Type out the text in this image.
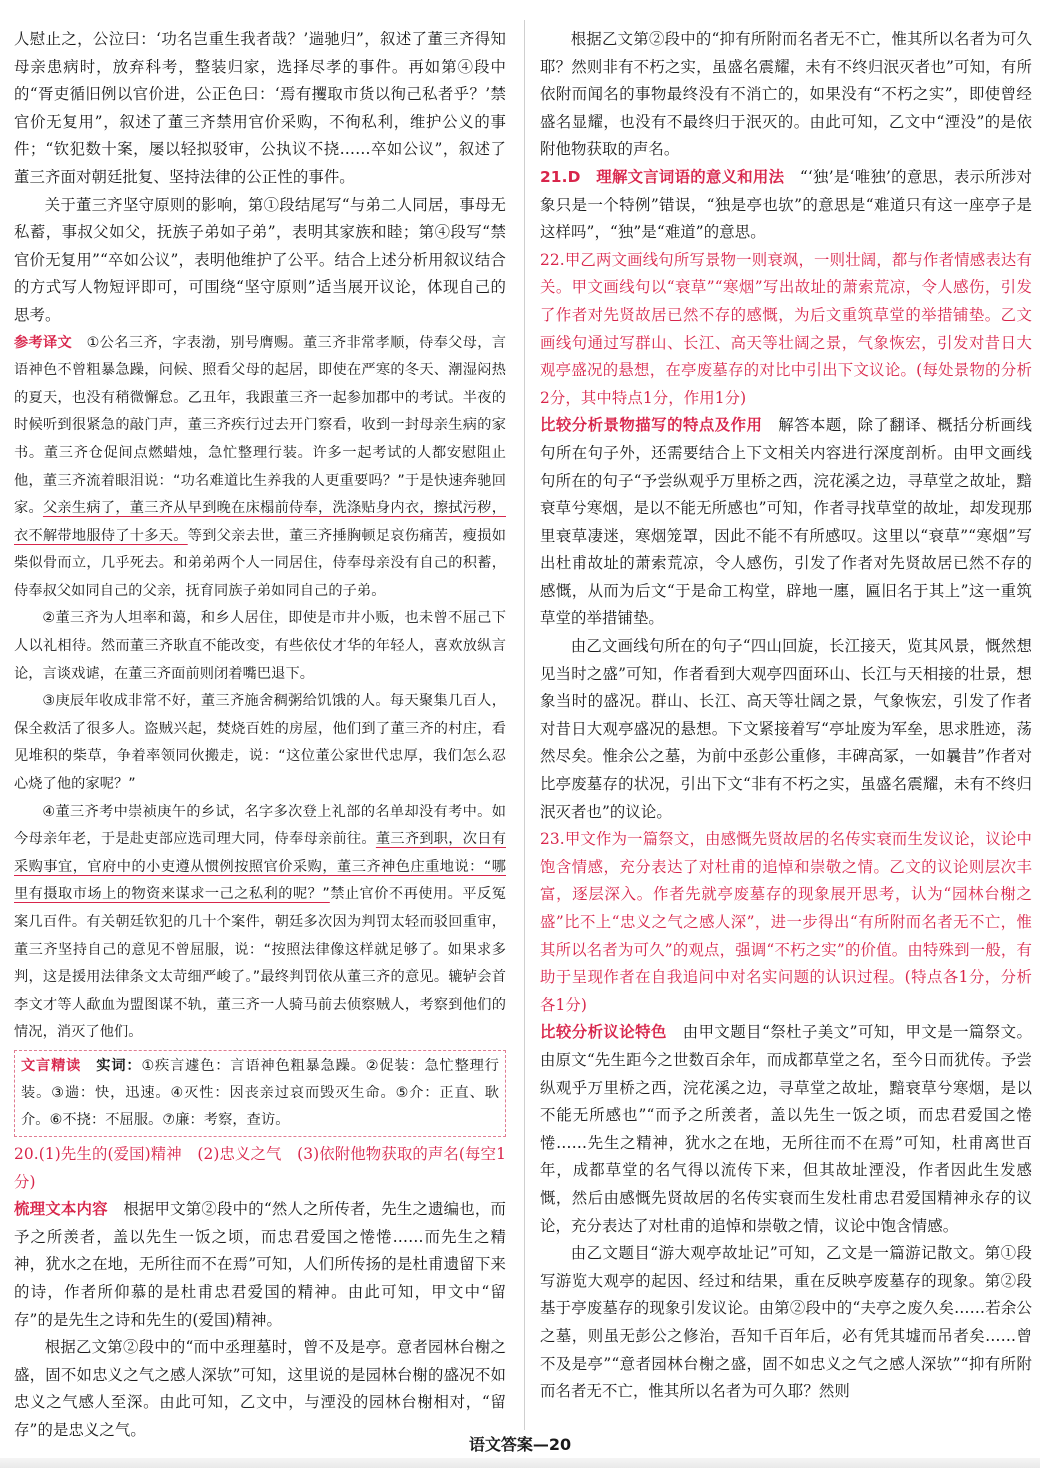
人慰止之，公泣曰：‘功名岂重生我者哉？’遄驰归”，叙述了董三齐得知母亲患病时，放弃科考，整装归家，选择尽孝的事件。再如第④段中的“胥吏循旧例以官价进，公正色曰：‘焉有攫取市货以徇己私者乎？’禁官价无复用”，叙述了董三齐禁用官价采购，不徇私利，维护公义的事件；“钦犯数十案，屡以轻拟驳审，公执议不挠……卒如公议”，叙述了董三齐面对朝廷批复、坚持法律的公正性的事件。

关于董三齐坚守原则的影响，第①段结尾写“与弟二人同居，事母无私蓄，事叔父如父，抚族子弟如子弟”，表明其家族和睦；第④段写“禁官价无复用”“卒如公议”，表明他维护了公平。结合上述分析用叙议结合的方式写人物短评即可，可围绕“坚守原则”适当展开议论，体现自己的思考。

参考译文　 ①公名三齐，字表渤，别号膺赐。董三齐非常孝顺，侍奉父母，言语神色不曾粗暴急躁，问候、照看父母的起居，即使在严寒的冬天、潮湿闷热的夏天，也没有稍微懈怠。乙丑年，我跟董三齐一起参加郡中的考试。半夜的时候听到很紧急的敲门声，董三齐疾行过去开门察看，收到一封母亲生病的家书。董三齐仓促间点燃蜡烛，急忙整理行装。许多一起考试的人都安慰阻止他，董三齐流着眼泪说：“功名难道比生养我的人更重要吗？”于是快速奔驰回家。父亲生病了，董三齐从早到晚在床榻前侍奉，洗涤贴身内衣，擦拭污秽，衣不解带地服侍了十多天。等到父亲去世，董三齐捶胸顿足哀伤痛苦，瘦损如柴似骨而立，几乎死去。和弟弟两个人一同居住，侍奉母亲没有自己的积蓄，侍奉叔父如同自己的父亲，抚育同族子弟如同自己的子弟。

②董三齐为人坦率和蔼，和乡人居住，即使是市井小贩，也未曾不屈己下人以礼相待。然而董三齐耿直不能改变，有些依仗才华的年轻人，喜欢放纵言论，言谈戏谑，在董三齐面前则闭着嘴巴退下。

③庚辰年收成非常不好，董三齐施舍稠粥给饥饿的人。每天聚集几百人，保全救活了很多人。盗贼兴起，焚烧百姓的房屋，他们到了董三齐的村庄，看见堆积的柴草，争着率领同伙搬走，说：“这位董公家世代忠厚，我们怎么忍心烧了他的家呢？”

④董三齐考中崇祯庚午的乡试，名字多次登上礼部的名单却没有考中。如今母亲年老，于是赴吏部应选司理大同，侍奉母亲前往。董三齐到职，次日有采购事宜，官府中的小吏遵从惯例按照官价采购，董三齐神色庄重地说：“哪里有摄取市场上的物资来谋求一己之私利的呢？”禁止官价不再使用。平反冤案几百件。有关朝廷钦犯的几十个案件，朝廷多次因为判罚太轻而驳回重审，董三齐坚持自己的意见不曾屈服，说：“按照法律像这样就足够了。如果求多判，这是援用法律条文太苛细严峻了。”最终判罚依从董三齐的意见。辘轳会首李文才等人歃血为盟图谋不轨，董三齐一人骑马前去侦察贼人，考察到他们的情况，消灭了他们。

文言精读　 实词：①疾言遽色：言语神色粗暴急躁。②促装：急忙整理行装。③遄：快，迅速。④灭性：因丧亲过哀而毁灭生命。⑤介：正直、耿介。⑥不挠：不屈服。⑦廉：考察，查访。

20.(1)先生的(爱国)精神　(2)忠义之气　(3)依附他物获取的声名(每空1分)

梳理文本内容　 根据甲文第②段中的“然人之所传者，先生之遗编也，而予之所羡者，盖以先生一饭之顷，而忠君爱国之惓惓……而先生之精神，犹水之在地，无所往而不在焉”可知，人们所传扬的是杜甫遗留下来的诗，作者所仰慕的是杜甫忠君爱国的精神。由此可知，甲文中“留存”的是先生之诗和先生的(爱国)精神。

根据乙文第②段中的“而中丞理墓时，曾不及是亭。意者园林台榭之盛，固不如忠义之气之感人深欤”可知，这里说的是园林台榭的盛况不如忠义之气感人至深。由此可知，乙文中，与湮没的园林台榭相对，“留存”的是忠义之气。

根据乙文第②段中的“抑有所附而名者无不亡，惟其所以名者为可久耶？然则非有不朽之实，虽盛名震耀，未有不终归泯灭者也”可知，有所依附而闻名的事物最终没有不消亡的，如果没有“不朽之实”，即使曾经盛名显耀，也没有不最终归于泯灭的。由此可知，乙文中“湮没”的是依附他物获取的声名。

21.D　理解文言词语的意义和用法　 “‘独’是‘唯独’的意思，表示所涉对象只是一个特例”错误，“独是亭也欤”的意思是“难道只有这一座亭子是这样吗”，“独”是“难道”的意思。

22.甲乙两文画线句所写景物一则衰飒，一则壮阔，都与作者情感表达有关。甲文画线句以“衰草”“寒烟”写出故址的萧索荒凉，令人感伤，引发了作者对先贤故居已然不存的感慨，为后文重筑草堂的举措铺垫。乙文画线句通过写群山、长江、高天等壮阔之景，气象恢宏，引发对昔日大观亭盛况的悬想，在亭废墓存的对比中引出下文议论。(每处景物的分析2分，其中特点1分，作用1分)

比较分析景物描写的特点及作用　 解答本题，除了翻译、概括分析画线句所在句子外，还需要结合上下文相关内容进行深度剖析。由甲文画线句所在的句子“予尝纵观乎万里桥之西，浣花溪之边，寻草堂之故址，黯衰草兮寒烟，是以不能无所感也”可知，作者寻找草堂的故址，却发现那里衰草凄迷，寒烟笼罩，因此不能不有所感叹。这里以“衰草”“寒烟”写出杜甫故址的萧索荒凉，令人感伤，引发了作者对先贤故居已然不存的感慨，从而为后文“于是命工构堂，辟地一廛，匾旧名于其上”这一重筑草堂的举措铺垫。

由乙文画线句所在的句子“四山回旋，长江接天，览其风景，慨然想见当时之盛”可知，作者看到大观亭四面环山、长江与天相接的壮景，想象当时的盛况。群山、长江、高天等壮阔之景，气象恢宏，引发了作者对昔日大观亭盛况的悬想。下文紧接着写“亭址废为军垒，思求胜迹，荡然尽矣。惟余公之墓，为前中丞彭公重修，丰碑高冢，一如曩昔”作者对比亭废墓存的状况，引出下文“非有不朽之实，虽盛名震耀，未有不终归泯灭者也”的议论。

23.甲文作为一篇祭文，由感慨先贤故居的名传实衰而生发议论，议论中饱含情感，充分表达了对杜甫的追悼和崇敬之情。乙文的议论则层次丰富，逐层深入。作者先就亭废墓存的现象展开思考，认为“园林台榭之盛”比不上“忠义之气之感人深”，进一步得出“有所附而名者无不亡，惟其所以名者为可久”的观点，强调“不朽之实”的价值。由特殊到一般，有助于呈现作者在自我追问中对名实问题的认识过程。(特点各1分，分析各1分)

比较分析议论特色　 由甲文题目“祭杜子美文”可知，甲文是一篇祭文。由原文“先生距今之世数百余年，而成都草堂之名，至今日而犹传。予尝纵观乎万里桥之西，浣花溪之边，寻草堂之故址，黯衰草兮寒烟，是以不能无所感也”“而予之所羡者，盖以先生一饭之顷，而忠君爱国之惓惓……先生之精神，犹水之在地，无所往而不在焉”可知，杜甫离世百年，成都草堂的名气得以流传下来，但其故址湮没，作者因此生发感慨，然后由感慨先贤故居的名传实衰而生发杜甫忠君爱国精神永存的议论，充分表达了对杜甫的追悼和崇敬之情，议论中饱含情感。

由乙文题目“游大观亭故址记”可知，乙文是一篇游记散文。第①段写游览大观亭的起因、经过和结果，重在反映亭废墓存的现象。第②段基于亭废墓存的现象引发议论。由第②段中的“夫亭之废久矣……若余公之墓，则虽无彭公之修治，吾知千百年后，必有凭其墟而吊者矣……曾不及是亭”“意者园林台榭之盛，固不如忠义之气之感人深欤”“抑有所附而名者无不亡，惟其所以名者为可久耶？然则

语文答案—20
